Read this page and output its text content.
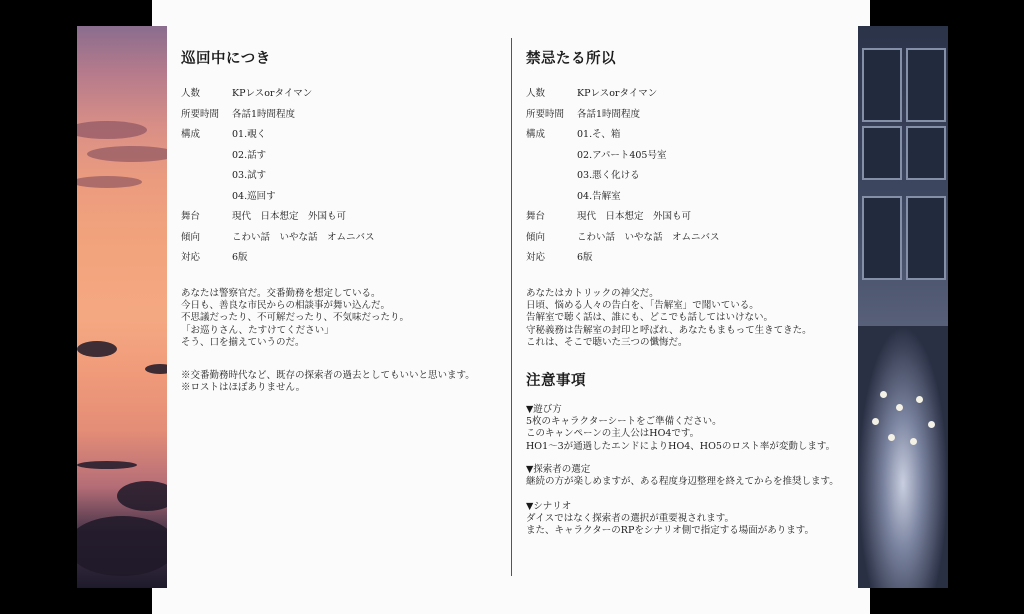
巡回中につき
人数	KPレスorタイマン
所要時間	各話1時間程度
構成	01.覗く
02.話す
03.試す
04.巡回す
舞台	現代　日本想定　外国も可
傾向	こわい話　いやな話　オムニバス
対応	6版

あなたは警察官だ。交番勤務を想定している。
今日も、善良な市民からの相談事が舞い込んだ。
不思議だったり、不可解だったり、不気味だったり。
「お巡りさん、たすけてください」
そう、口を揃えていうのだ。

※交番勤務時代など、既存の探索者の過去としてもいいと思います。
※ロストはほぼありません。

禁忌たる所以
人数	KPレスorタイマン
所要時間	各話1時間程度
構成	01.そ、箱
02.アパート405号室
03.悪く化ける
04.告解室
舞台	現代　日本想定　外国も可
傾向	こわい話　いやな話　オムニバス
対応	6版

あなたはカトリックの神父だ。
日頃、悩める人々の告白を、「告解室」で聞いている。
告解室で聴く話は、誰にも、どこでも話してはいけない。
守秘義務は告解室の封印と呼ばれ、あなたもまもって生きてきた。
これは、そこで聴いた三つの懺悔だ。

注意事項

▼遊び方
5枚のキャラクターシートをご準備ください。
このキャンペーンの主人公はHO4です。
HO1〜3が通過したエンドによりHO4、HO5のロスト率が変動します。

▼探索者の選定
継続の方が楽しめますが、ある程度身辺整理を終えてからを推奨します。

▼シナリオ
ダイスではなく探索者の選択が重要視されます。
また、キャラクターのRPをシナリオ側で指定する場面があります。
